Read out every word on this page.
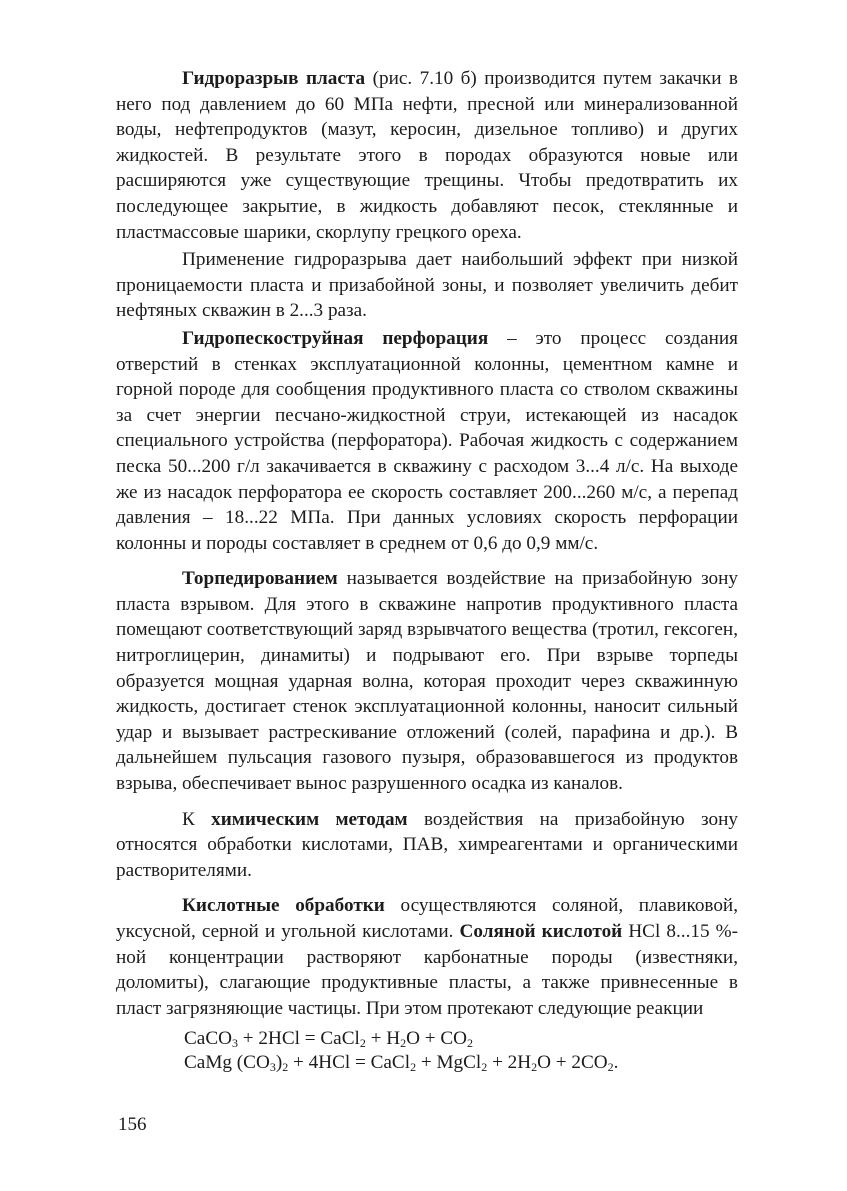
Гидроразрыв пласта (рис. 7.10 б) производится путем закачки в него под давлением до 60 МПа нефти, пресной или минерализованной воды, нефтепродуктов (мазут, керосин, дизельное топливо) и других жидкостей. В результате этого в породах образуются новые или расширяются уже существующие трещины. Чтобы предотвратить их последующее закрытие, в жидкость добавляют песок, стеклянные и пластмассовые шарики, скорлупу грецкого ореха.

Применение гидроразрыва дает наибольший эффект при низкой проницаемости пласта и призабойной зоны, и позволяет увеличить дебит нефтяных скважин в 2...3 раза.

Гидропескоструйная перфорация – это процесс создания отверстий в стенках эксплуатационной колонны, цементном камне и горной породе для сообщения продуктивного пласта со стволом скважины за счет энергии песчано-жидкостной струи, истекающей из насадок специального устройства (перфоратора). Рабочая жидкость с содержанием песка 50...200 г/л закачивается в скважину с расходом 3...4 л/с. На выходе же из насадок перфоратора ее скорость составляет 200...260 м/с, а перепад давления – 18...22 МПа. При данных условиях скорость перфорации колонны и породы составляет в среднем от 0,6 до 0,9 мм/с.

Торпедированием называется воздействие на призабойную зону пласта взрывом. Для этого в скважине напротив продуктивного пласта помещают соответствующий заряд взрывчатого вещества (тротил, гексоген, нитроглицерин, динамиты) и подрывают его. При взрыве торпеды образуется мощная ударная волна, которая проходит через скважинную жидкость, достигает стенок эксплуатационной колонны, наносит сильный удар и вызывает растрескивание отложений (солей, парафина и др.). В дальнейшем пульсация газового пузыря, образовавшегося из продуктов взрыва, обеспечивает вынос разрушенного осадка из каналов.

К химическим методам воздействия на призабойную зону относятся обработки кислотами, ПАВ, химреагентами и органическими растворителями.

Кислотные обработки осуществляются соляной, плавиковой, уксусной, серной и угольной кислотами. Соляной кислотой HCl 8...15 %-ной концентрации растворяют карбонатные породы (известняки, доломиты), слагающие продуктивные пласты, а также привнесенные в пласт загрязняющие частицы. При этом протекают следующие реакции

CaCO$_3$ + 2HCl = CaCl$_2$ + $H_2O + CO_2$
CaMg $(CO_3)_2 + 4HCl$ = CaCl$_2$ + MgCl$_2$ + $2H_2O + 2CO_2$.
156
